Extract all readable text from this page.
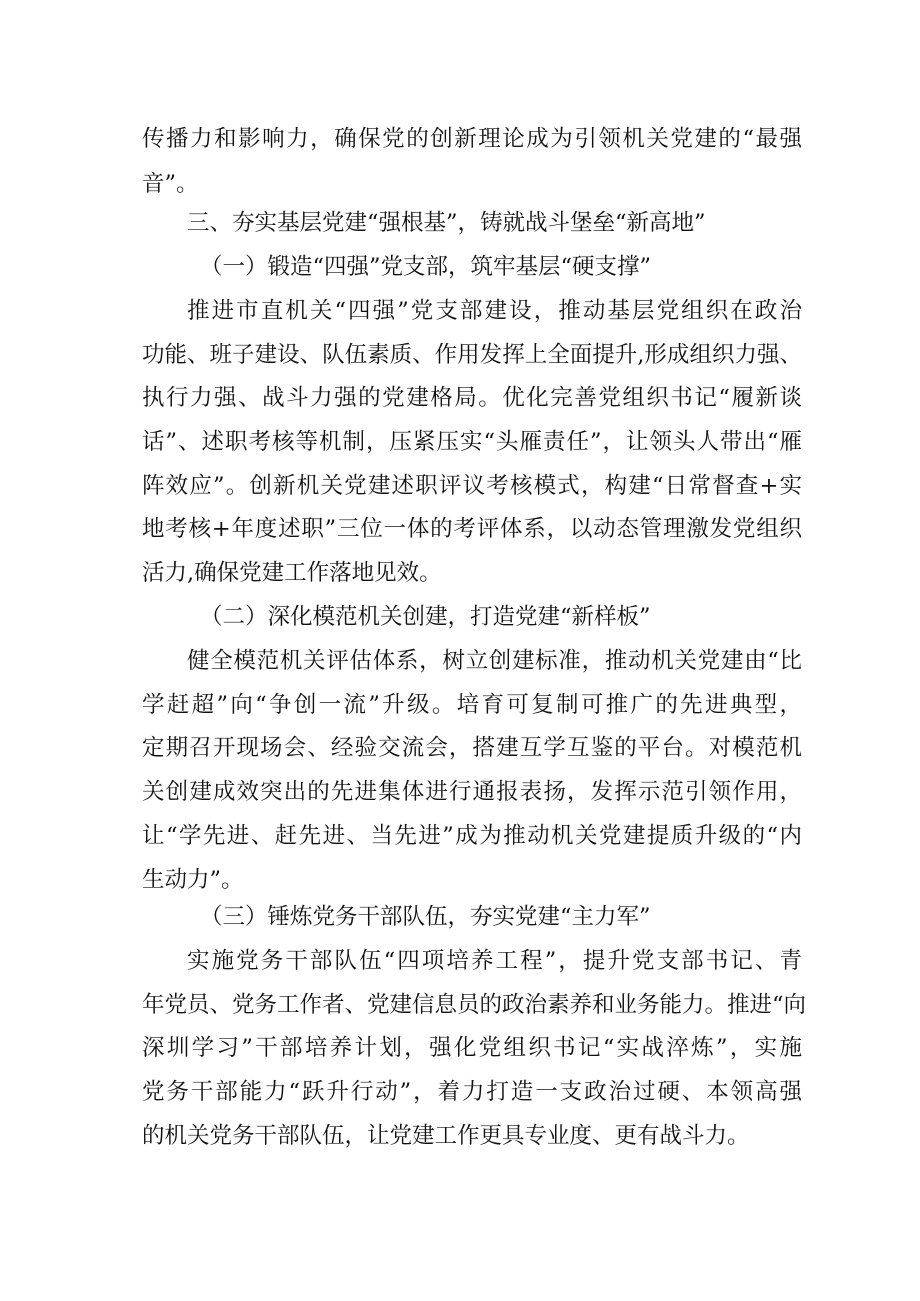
传播力和影响力，确保党的创新理论成为引领机关党建的“最强
音”。
三、夯实基层党建“强根基”，铸就战斗堡垒“新高地”
（一）锻造“四强”党支部，筑牢基层“硬支撑”
推进市直机关“四强”党支部建设，推动基层党组织在政治
功能、班子建设、队伍素质、作用发挥上全面提升,形成组织力强、
执行力强、战斗力强的党建格局。优化完善党组织书记“履新谈
话”、述职考核等机制，压紧压实“头雁责任”，让领头人带出“雁
阵效应”。创新机关党建述职评议考核模式，构建“日常督查+实
地考核+年度述职”三位一体的考评体系，以动态管理激发党组织
活力,确保党建工作落地见效。
（二）深化模范机关创建，打造党建“新样板”
健全模范机关评估体系，树立创建标准，推动机关党建由“比
学赶超”向“争创一流”升级。培育可复制可推广的先进典型，
定期召开现场会、经验交流会，搭建互学互鉴的平台。对模范机
关创建成效突出的先进集体进行通报表扬，发挥示范引领作用，
让“学先进、赶先进、当先进”成为推动机关党建提质升级的“内
生动力”。
（三）锤炼党务干部队伍，夯实党建“主力军”
实施党务干部队伍“四项培养工程”，提升党支部书记、青
年党员、党务工作者、党建信息员的政治素养和业务能力。推进“向
深圳学习”干部培养计划，强化党组织书记“实战淬炼”，实施
党务干部能力“跃升行动”，着力打造一支政治过硬、本领高强
的机关党务干部队伍，让党建工作更具专业度、更有战斗力。
